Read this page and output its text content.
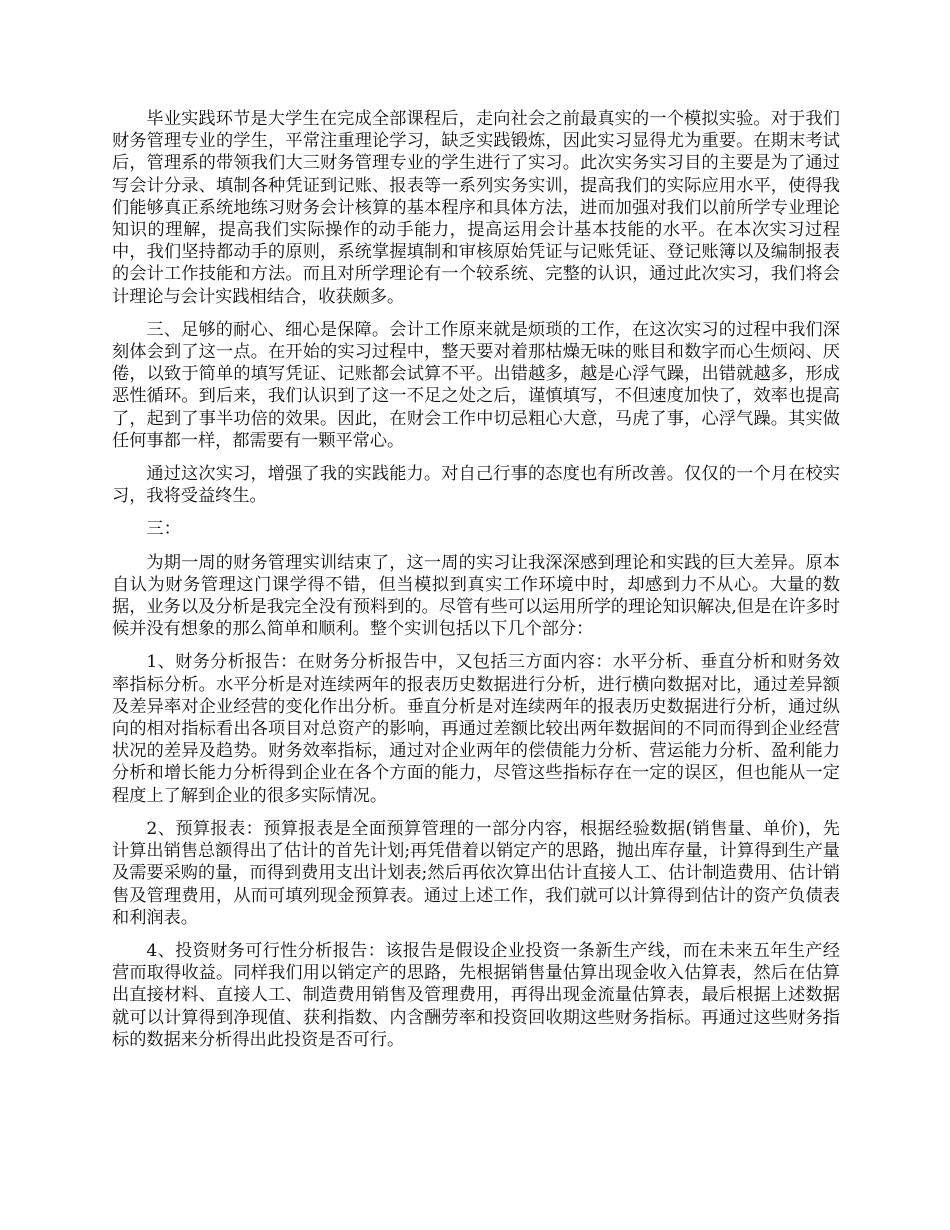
毕业实践环节是大学生在完成全部课程后，走向社会之前最真实的一个模拟实验。对于我们财务管理专业的学生，平常注重理论学习，缺乏实践锻炼，因此实习显得尤为重要。在期末考试后，管理系的带领我们大三财务管理专业的学生进行了实习。此次实务实习目的主要是为了通过写会计分录、填制各种凭证到记账、报表等一系列实务实训，提高我们的实际应用水平，使得我们能够真正系统地练习财务会计核算的基本程序和具体方法，进而加强对我们以前所学专业理论知识的理解，提高我们实际操作的动手能力，提高运用会计基本技能的水平。在本次实习过程中，我们坚持都动手的原则，系统掌握填制和审核原始凭证与记账凭证、登记账簿以及编制报表的会计工作技能和方法。而且对所学理论有一个较系统、完整的认识，通过此次实习，我们将会计理论与会计实践相结合，收获颇多。

三、足够的耐心、细心是保障。会计工作原来就是烦琐的工作，在这次实习的过程中我们深刻体会到了这一点。在开始的实习过程中，整天要对着那枯燥无味的账目和数字而心生烦闷、厌倦，以致于简单的填写凭证、记账都会试算不平。出错越多，越是心浮气躁，出错就越多，形成恶性循环。到后来，我们认识到了这一不足之处之后，谨慎填写，不但速度加快了，效率也提高了，起到了事半功倍的效果。因此，在财会工作中切忌粗心大意，马虎了事，心浮气躁。其实做任何事都一样，都需要有一颗平常心。

通过这次实习，增强了我的实践能力。对自己行事的态度也有所改善。仅仅的一个月在校实习，我将受益终生。

三：

为期一周的财务管理实训结束了，这一周的实习让我深深感到理论和实践的巨大差异。原本自认为财务管理这门课学得不错，但当模拟到真实工作环境中时，却感到力不从心。大量的数据，业务以及分析是我完全没有预料到的。尽管有些可以运用所学的理论知识解决,但是在许多时候并没有想象的那么简单和顺利。整个实训包括以下几个部分：

1、财务分析报告：在财务分析报告中，又包括三方面内容：水平分析、垂直分析和财务效率指标分析。水平分析是对连续两年的报表历史数据进行分析，进行横向数据对比，通过差异额及差异率对企业经营的变化作出分析。垂直分析是对连续两年的报表历史数据进行分析，通过纵向的相对指标看出各项目对总资产的影响，再通过差额比较出两年数据间的不同而得到企业经营状况的差异及趋势。财务效率指标，通过对企业两年的偿债能力分析、营运能力分析、盈利能力分析和增长能力分析得到企业在各个方面的能力，尽管这些指标存在一定的误区，但也能从一定程度上了解到企业的很多实际情况。

2、预算报表：预算报表是全面预算管理的一部分内容，根据经验数据(销售量、单价)，先计算出销售总额得出了估计的首先计划;再凭借着以销定产的思路，抛出库存量，计算得到生产量及需要采购的量，而得到费用支出计划表;然后再依次算出估计直接人工、估计制造费用、估计销售及管理费用，从而可填列现金预算表。通过上述工作，我们就可以计算得到估计的资产负债表和利润表。

4、投资财务可行性分析报告：该报告是假设企业投资一条新生产线，而在未来五年生产经营而取得收益。同样我们用以销定产的思路，先根据销售量估算出现金收入估算表，然后在估算出直接材料、直接人工、制造费用销售及管理费用，再得出现金流量估算表，最后根据上述数据就可以计算得到净现值、获利指数、内含酬劳率和投资回收期这些财务指标。再通过这些财务指标的数据来分析得出此投资是否可行。
